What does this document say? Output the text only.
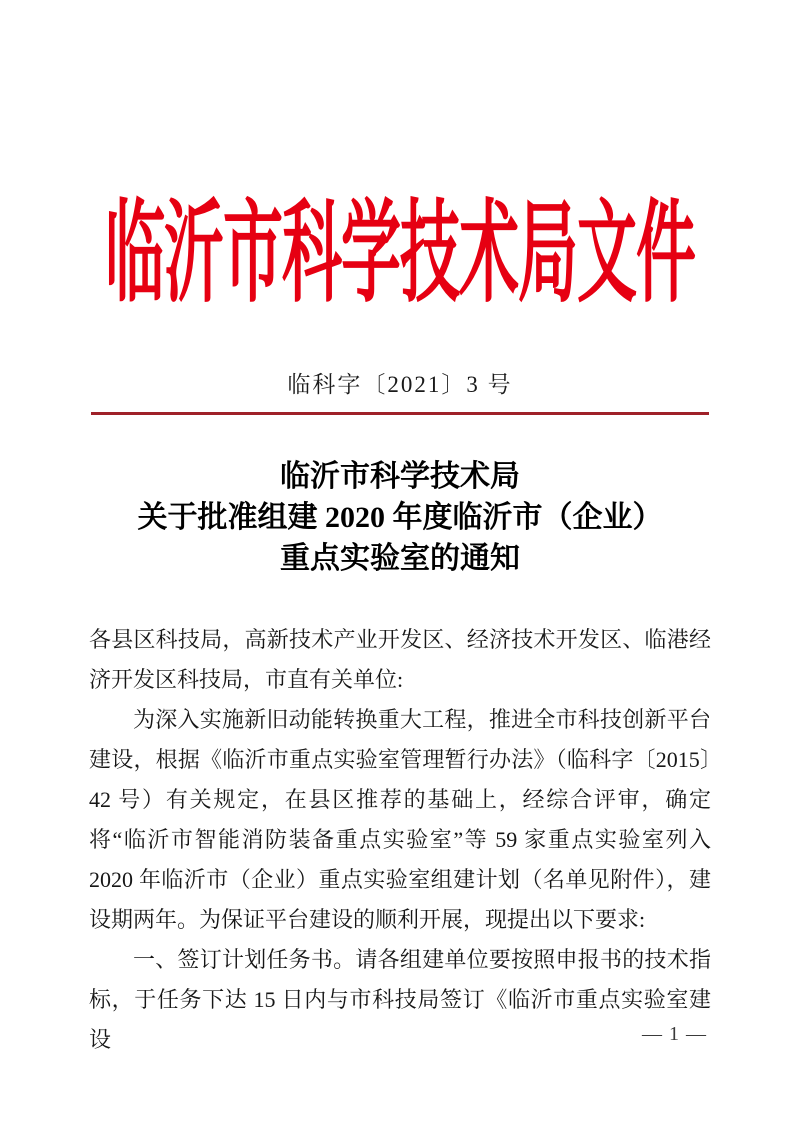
临沂市科学技术局文件
临科字〔2021〕3 号
临沂市科学技术局
关于批准组建 2020 年度临沂市（企业）
重点实验室的通知

各县区科技局，高新技术产业开发区、经济技术开发区、临港经济开发区科技局，市直有关单位:

为深入实施新旧动能转换重大工程，推进全市科技创新平台建设，根据《临沂市重点实验室管理暂行办法》（临科字〔2015〕42 号）有关规定，在县区推荐的基础上，经综合评审，确定将“临沂市智能消防装备重点实验室”等 59 家重点实验室列入 2020 年临沂市（企业）重点实验室组建计划（名单见附件），建设期两年。为保证平台建设的顺利开展，现提出以下要求:

一、签订计划任务书。请各组建单位要按照申报书的技术指标，于任务下达 15 日内与市科技局签订《临沂市重点实验室建设	— 1 —
